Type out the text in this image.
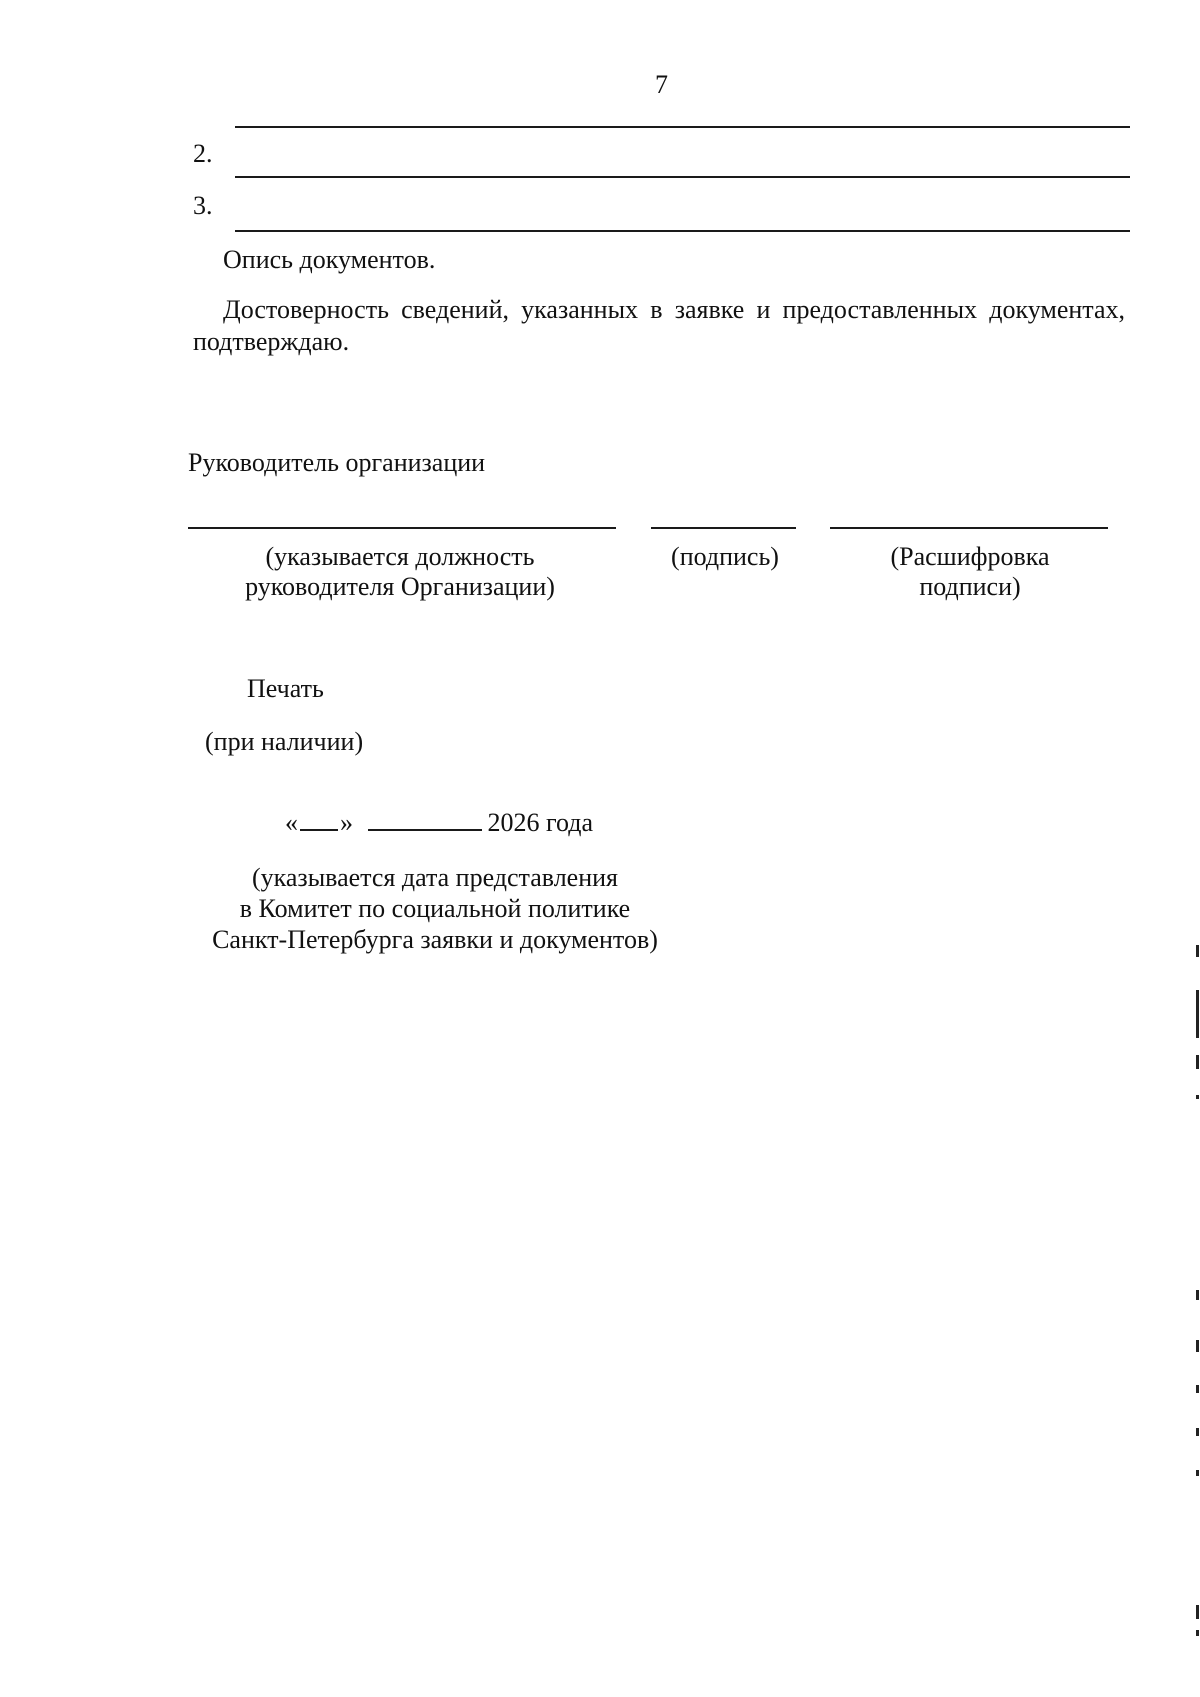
7
2.
3.
Опись документов.
Достоверность сведений, указанных в заявке и предоставленных документах, подтверждаю.
Руководитель организации
(указывается должность
руководителя Организации)
(подпись)	(Расшифровка
подписи)
Печать
(при наличии)
« »	2026 года
(указывается дата представления
в Комитет по социальной политике
Санкт-Петербурга заявки и документов)
